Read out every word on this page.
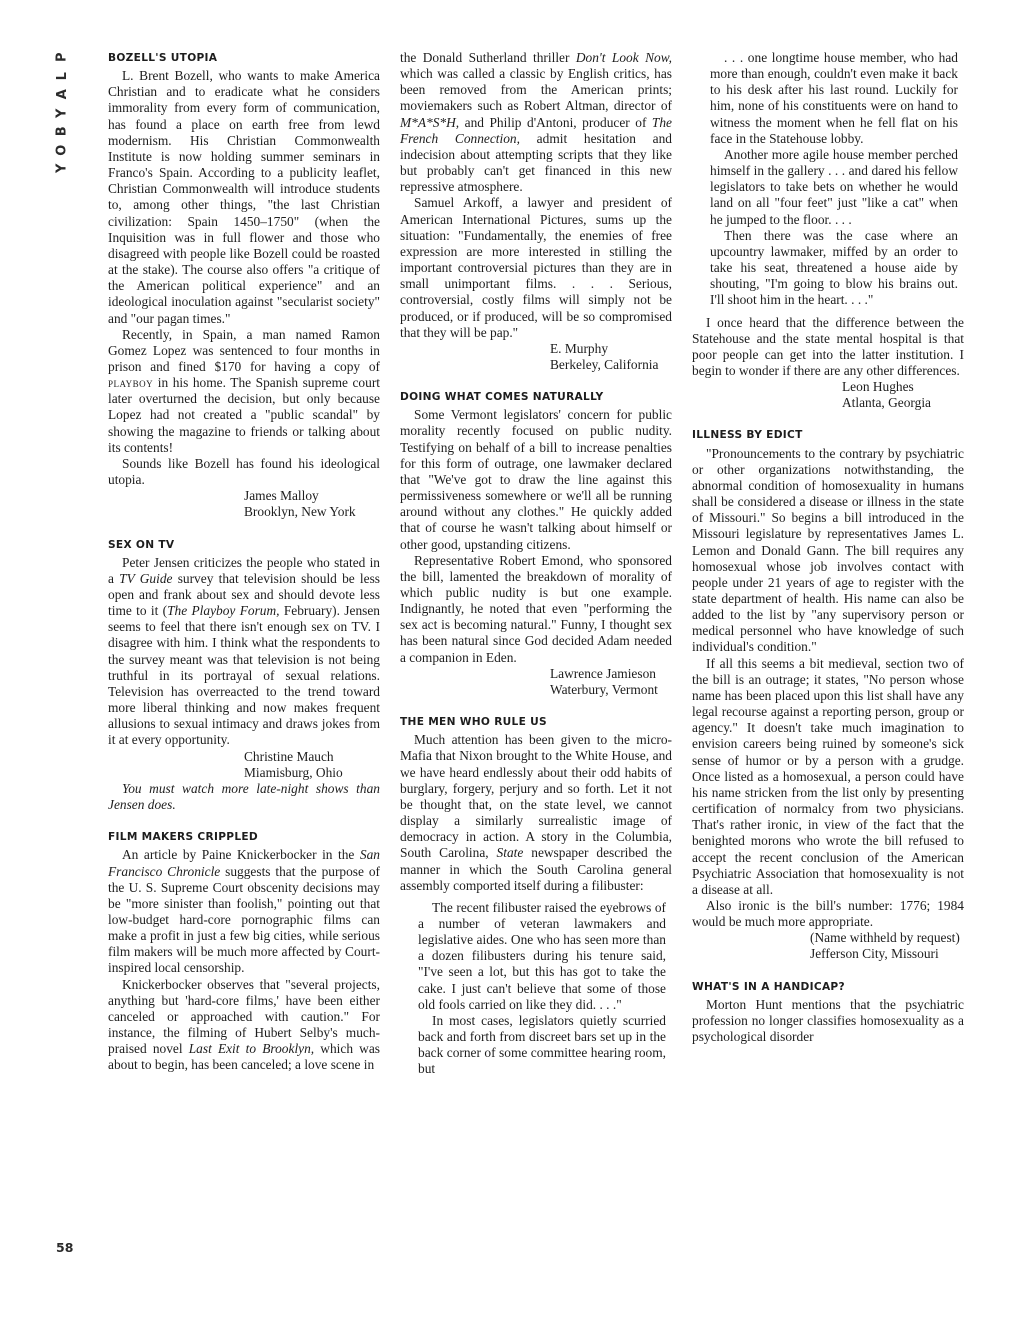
P
L
A
Y
B
O
Y
58
BOZELL'S UTOPIA

L. Brent Bozell, who wants to make America Christian and to eradicate what he considers immorality from every form of communication, has found a place on earth free from lewd modernism. His Christian Commonwealth Institute is now holding summer seminars in Franco's Spain. According to a publicity leaflet, Christian Commonwealth will introduce students to, among other things, "the last Christian civilization: Spain 1450–1750" (when the Inquisition was in full flower and those who disagreed with people like Bozell could be roasted at the stake). The course also offers "a critique of the American political experience" and an ideological inoculation against "secularist society" and "our pagan times."

Recently, in Spain, a man named Ramon Gomez Lopez was sentenced to four months in prison and fined $170 for having a copy of playboy in his home. The Spanish supreme court later overturned the decision, but only because Lopez had not created a "public scandal" by showing the magazine to friends or talking about its contents!

Sounds like Bozell has found his ideological utopia.

James Malloy
Brooklyn, New York
SEX ON TV

Peter Jensen criticizes the people who stated in a TV Guide survey that television should be less open and frank about sex and should devote less time to it (The Playboy Forum, February). Jensen seems to feel that there isn't enough sex on TV. I disagree with him. I think what the respondents to the survey meant was that television is not being truthful in its portrayal of sexual relations. Television has overreacted to the trend toward more liberal thinking and now makes frequent allusions to sexual intimacy and draws jokes from it at every opportunity.

Christine Mauch
Miamisburg, Ohio
You must watch more late-night shows than Jensen does.
FILM MAKERS CRIPPLED

An article by Paine Knickerbocker in the San Francisco Chronicle suggests that the purpose of the U. S. Supreme Court obscenity decisions may be "more sinister than foolish," pointing out that low-budget hard-core pornographic films can make a profit in just a few big cities, while serious film makers will be much more affected by Court-inspired local censorship.

Knickerbocker observes that "several projects, anything but 'hard-core films,' have been either canceled or approached with caution." For instance, the filming of Hubert Selby's much-praised novel Last Exit to Brooklyn, which was about to begin, has been canceled; a love scene in

the Donald Sutherland thriller Don't Look Now, which was called a classic by English critics, has been removed from the American prints; moviemakers such as Robert Altman, director of M*A*S*H, and Philip d'Antoni, producer of The French Connection, admit hesitation and indecision about attempting scripts that they like but probably can't get financed in this new repressive atmosphere.

Samuel Arkoff, a lawyer and president of American International Pictures, sums up the situation: "Fundamentally, the enemies of free expression are more interested in stilling the important controversial pictures than they are in small unimportant films. . . . Serious, controversial, costly films will simply not be produced, or if produced, will be so compromised that they will be pap."

E. Murphy
Berkeley, California
DOING WHAT COMES NATURALLY

Some Vermont legislators' concern for public morality recently focused on public nudity. Testifying on behalf of a bill to increase penalties for this form of outrage, one lawmaker declared that "We've got to draw the line against this permissiveness somewhere or we'll all be running around without any clothes." He quickly added that of course he wasn't talking about himself or other good, upstanding citizens.

Representative Robert Emond, who sponsored the bill, lamented the breakdown of morality of which public nudity is but one example. Indignantly, he noted that even "performing the sex act is becoming natural." Funny, I thought sex has been natural since God decided Adam needed a companion in Eden.

Lawrence Jamieson
Waterbury, Vermont
THE MEN WHO RULE US

Much attention has been given to the micro-Mafia that Nixon brought to the White House, and we have heard endlessly about their odd habits of burglary, forgery, perjury and so forth. Let it not be thought that, on the state level, we cannot display a similarly surrealistic image of democracy in action. A story in the Columbia, South Carolina, State newspaper described the manner in which the South Carolina general assembly comported itself during a filibuster:

The recent filibuster raised the eyebrows of a number of veteran lawmakers and legislative aides. One who has seen more than a dozen filibusters during his tenure said, "I've seen a lot, but this has got to take the cake. I just can't believe that some of those old fools carried on like they did. . . ."

In most cases, legislators quietly scurried back and forth from discreet bars set up in the back corner of some committee hearing room, but

. . . one longtime house member, who had more than enough, couldn't even make it back to his desk after his last round. Luckily for him, none of his constituents were on hand to witness the moment when he fell flat on his face in the Statehouse lobby.

Another more agile house member perched himself in the gallery . . . and dared his fellow legislators to take bets on whether he would land on all "four feet" just "like a cat" when he jumped to the floor. . . .

Then there was the case where an upcountry lawmaker, miffed by an order to take his seat, threatened a house aide by shouting, "I'm going to blow his brains out. I'll shoot him in the heart. . . ."

I once heard that the difference between the Statehouse and the state mental hospital is that poor people can get into the latter institution. I begin to wonder if there are any other differences.

Leon Hughes
Atlanta, Georgia
ILLNESS BY EDICT

"Pronouncements to the contrary by psychiatric or other organizations notwithstanding, the abnormal condition of homosexuality in humans shall be considered a disease or illness in the state of Missouri." So begins a bill introduced in the Missouri legislature by representatives James L. Lemon and Donald Gann. The bill requires any homosexual whose job involves contact with people under 21 years of age to register with the state department of health. His name can also be added to the list by "any supervisory person or medical personnel who have knowledge of such individual's condition."

If all this seems a bit medieval, section two of the bill is an outrage; it states, "No person whose name has been placed upon this list shall have any legal recourse against a reporting person, group or agency." It doesn't take much imagination to envision careers being ruined by someone's sick sense of humor or by a person with a grudge. Once listed as a homosexual, a person could have his name stricken from the list only by presenting certification of normalcy from two physicians. That's rather ironic, in view of the fact that the benighted morons who wrote the bill refused to accept the recent conclusion of the American Psychiatric Association that homosexuality is not a disease at all.

Also ironic is the bill's number: 1776; 1984 would be much more appropriate.

(Name withheld by request)
Jefferson City, Missouri
WHAT'S IN A HANDICAP?

Morton Hunt mentions that the psychiatric profession no longer classifies homosexuality as a psychological disorder
